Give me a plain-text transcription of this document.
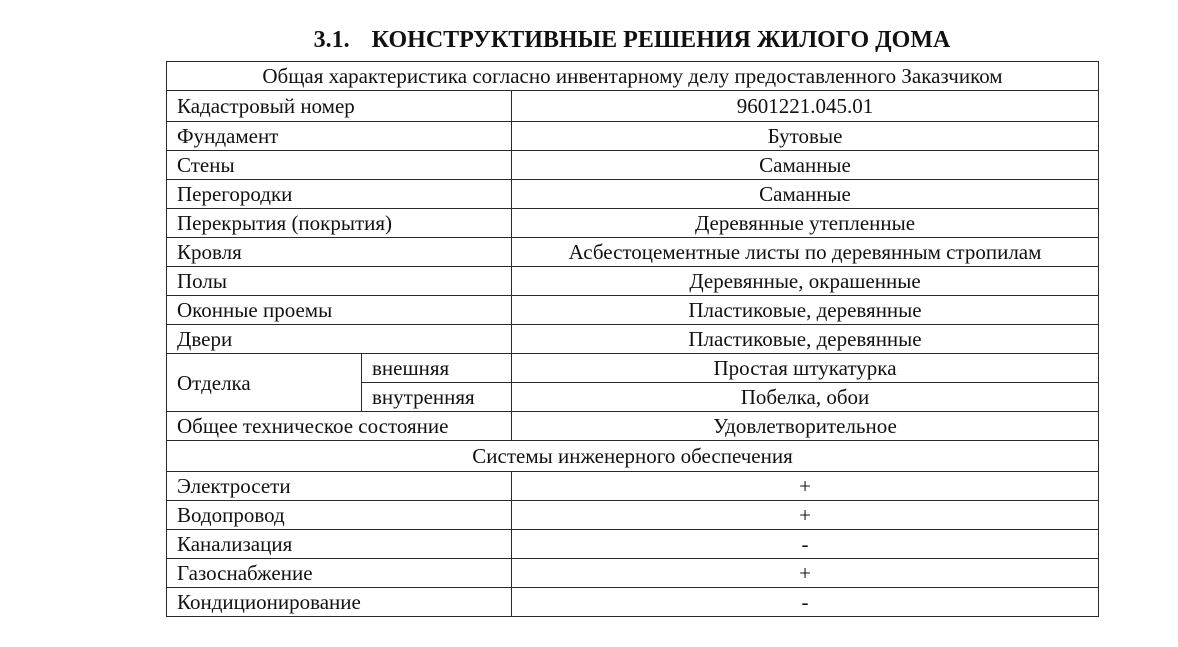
3.1. КОНСТРУКТИВНЫЕ РЕШЕНИЯ ЖИЛОГО ДОМА
Общая характеристика согласно инвентарному делу предоставленного Заказчиком		
Кадастровый номер		9601221.045.01
Фундамент		Бутовые
Стены		Саманные
Перегородки		Саманные
Перекрытия (покрытия)		Деревянные утепленные
Кровля		Асбестоцементные листы по деревянным стропилам
Полы		Деревянные, окрашенные
Оконные проемы		Пластиковые, деревянные
Двери		Пластиковые, деревянные
Отделка	внешняя	Простая штукатурка
	внутренняя	Побелка, обои
Общее техническое состояние		Удовлетворительное
Системы инженерного обеспечения		
Электросети		+
Водопровод		+
Канализация		-
Газоснабжение		+
Кондиционирование		-
